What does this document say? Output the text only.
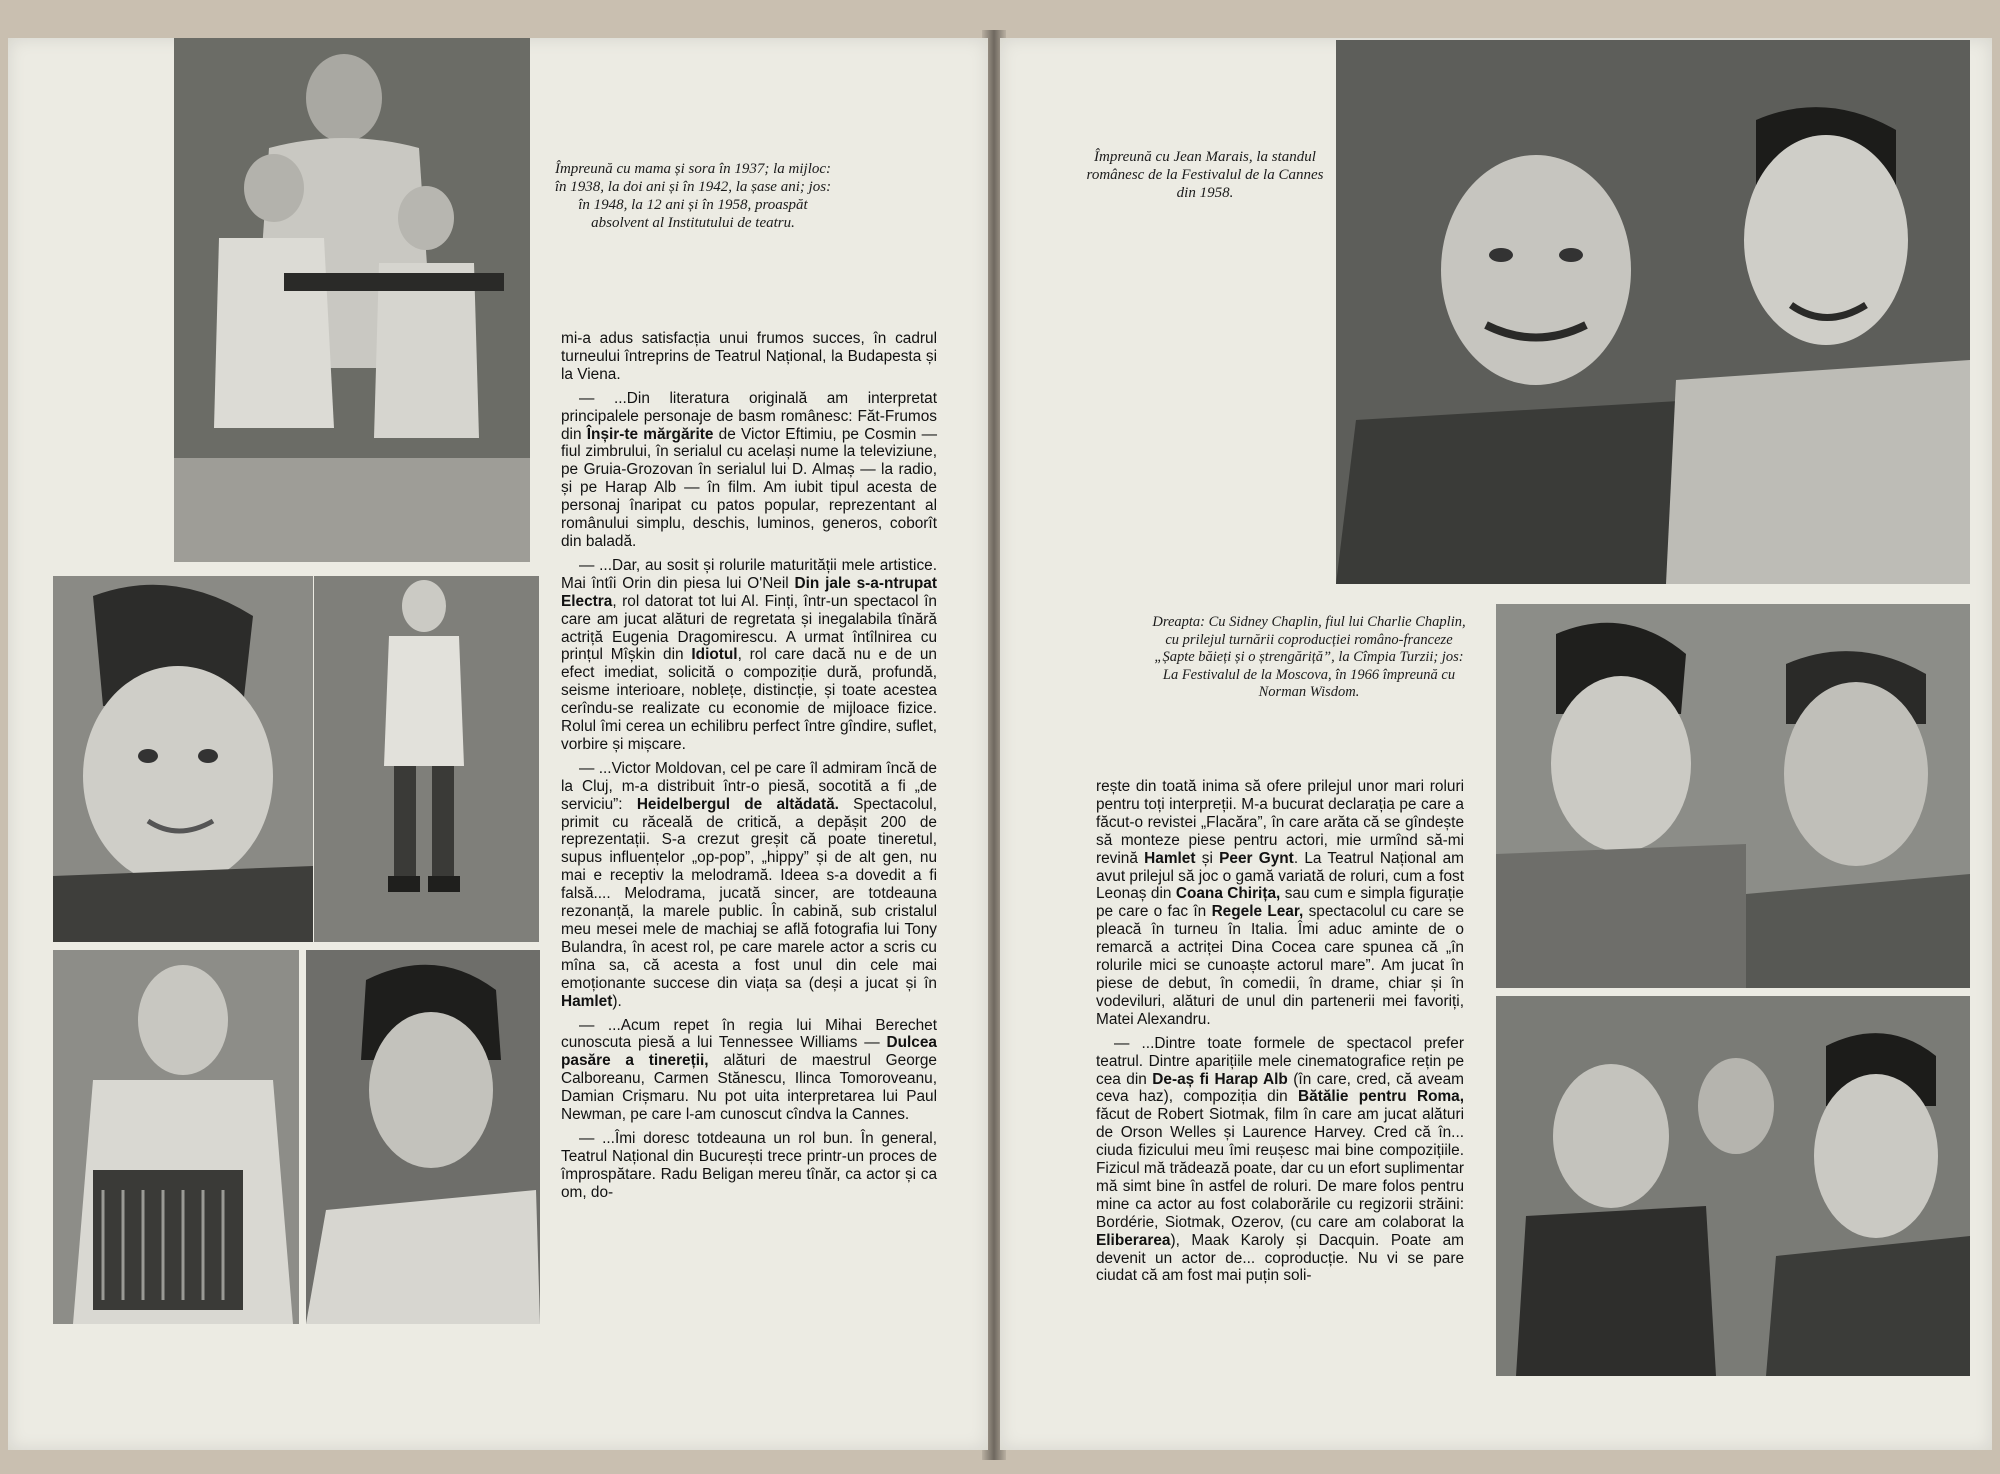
Împreună cu mama și sora în 1937; la mijloc: în 1938, la doi ani și în 1942, la șase ani; jos: în 1948, la 12 ani și în 1958, proaspăt absolvent al Institutului de teatru.

mi-a adus satisfacția unui frumos succes, în cadrul turneului întreprins de Teatrul Național, la Budapesta și la Viena.

— ...Din literatura originală am interpretat principalele personaje de basm românesc: Făt-Frumos din Înșir-te mărgărite de Victor Eftimiu, pe Cosmin — fiul zimbrului, în serialul cu același nume la televiziune, pe Gruia-Grozovan în serialul lui D. Almaș — la radio, și pe Harap Alb — în film. Am iubit tipul acesta de personaj înaripat cu patos popular, reprezentant al românului simplu, deschis, luminos, generos, coborît din baladă.

— ...Dar, au sosit și rolurile maturității mele artistice. Mai întîi Orin din piesa lui O'Neil Din jale s-a-ntrupat Electra, rol datorat tot lui Al. Finți, într-un spectacol în care am jucat alături de regretata și inegalabila tînără actriță Eugenia Dragomirescu. A urmat întîlnirea cu prințul Mîșkin din Idiotul, rol care dacă nu e de un efect imediat, solicită o compoziție dură, profundă, seisme interioare, noblețe, distincție, și toate acestea cerîndu-se realizate cu economie de mijloace fizice. Rolul îmi cerea un echilibru perfect între gîndire, suflet, vorbire și mișcare.

— ...Victor Moldovan, cel pe care îl admiram încă de la Cluj, m-a distribuit într-o piesă, socotită a fi „de serviciu”: Heidelbergul de altădată. Spectacolul, primit cu răceală de critică, a depășit 200 de reprezentații. S-a crezut greșit că poate tineretul, supus influențelor „op-pop”, „hippy” și de alt gen, nu mai e receptiv la melodramă. Ideea s-a dovedit a fi falsă.... Melodrama, jucată sincer, are totdeauna rezonanță, la marele public. În cabină, sub cristalul meu mesei mele de machiaj se află fotografia lui Tony Bulandra, în acest rol, pe care marele actor a scris cu mîna sa, că acesta a fost unul din cele mai emoționante succese din viața sa (deși a jucat și în Hamlet).

— ...Acum repet în regia lui Mihai Berechet cunoscuta piesă a lui Tennessee Williams — Dulcea pasăre a tinereții, alături de maestrul George Calboreanu, Carmen Stănescu, Ilinca Tomoroveanu, Damian Crișmaru. Nu pot uita interpretarea lui Paul Newman, pe care l-am cunoscut cîndva la Cannes.

— ...Îmi doresc totdeauna un rol bun. În general, Teatrul Național din București trece printr-un proces de împrospătare. Radu Beligan mereu tînăr, ca actor și ca om, do-

Împreună cu Jean Marais, la standul românesc de la Festivalul de la Cannes din 1958.

Dreapta: Cu Sidney Chaplin, fiul lui Charlie Chaplin, cu prilejul turnării coproducției româno-franceze „Șapte băieți și o ștrengăriță”, la Cîmpia Turzii; jos: La Festivalul de la Moscova, în 1966 împreună cu Norman Wisdom.

rește din toată inima să ofere prilejul unor mari roluri pentru toți interpreții. M-a bucurat declarația pe care a făcut-o revistei „Flacăra”, în care arăta că se gîndește să monteze piese pentru actori, mie urmînd să-mi revină Hamlet și Peer Gynt. La Teatrul Național am avut prilejul să joc o gamă variată de roluri, cum a fost Leonaș din Coana Chirița, sau cum e simpla figurație pe care o fac în Regele Lear, spectacolul cu care se pleacă în turneu în Italia. Îmi aduc aminte de o remarcă a actriței Dina Cocea care spunea că „în rolurile mici se cunoaște actorul mare”. Am jucat în piese de debut, în comedii, în drame, chiar și în vodeviluri, alături de unul din partenerii mei favoriți, Matei Alexandru.

— ...Dintre toate formele de spectacol prefer teatrul. Dintre aparițiile mele cinematografice rețin pe cea din De-aș fi Harap Alb (în care, cred, că aveam ceva haz), compoziția din Bătălie pentru Roma, făcut de Robert Siotmak, film în care am jucat alături de Orson Welles și Laurence Harvey. Cred că în... ciuda fizicului meu îmi reușesc mai bine compozițiile. Fizicul mă trădează poate, dar cu un efort suplimentar mă simt bine în astfel de roluri. De mare folos pentru mine ca actor au fost colaborările cu regizorii străini: Bordérie, Siotmak, Ozerov, (cu care am colaborat la Eliberarea), Maak Karoly și Dacquin. Poate am devenit un actor de... coproducție. Nu vi se pare ciudat că am fost mai puțin soli-
